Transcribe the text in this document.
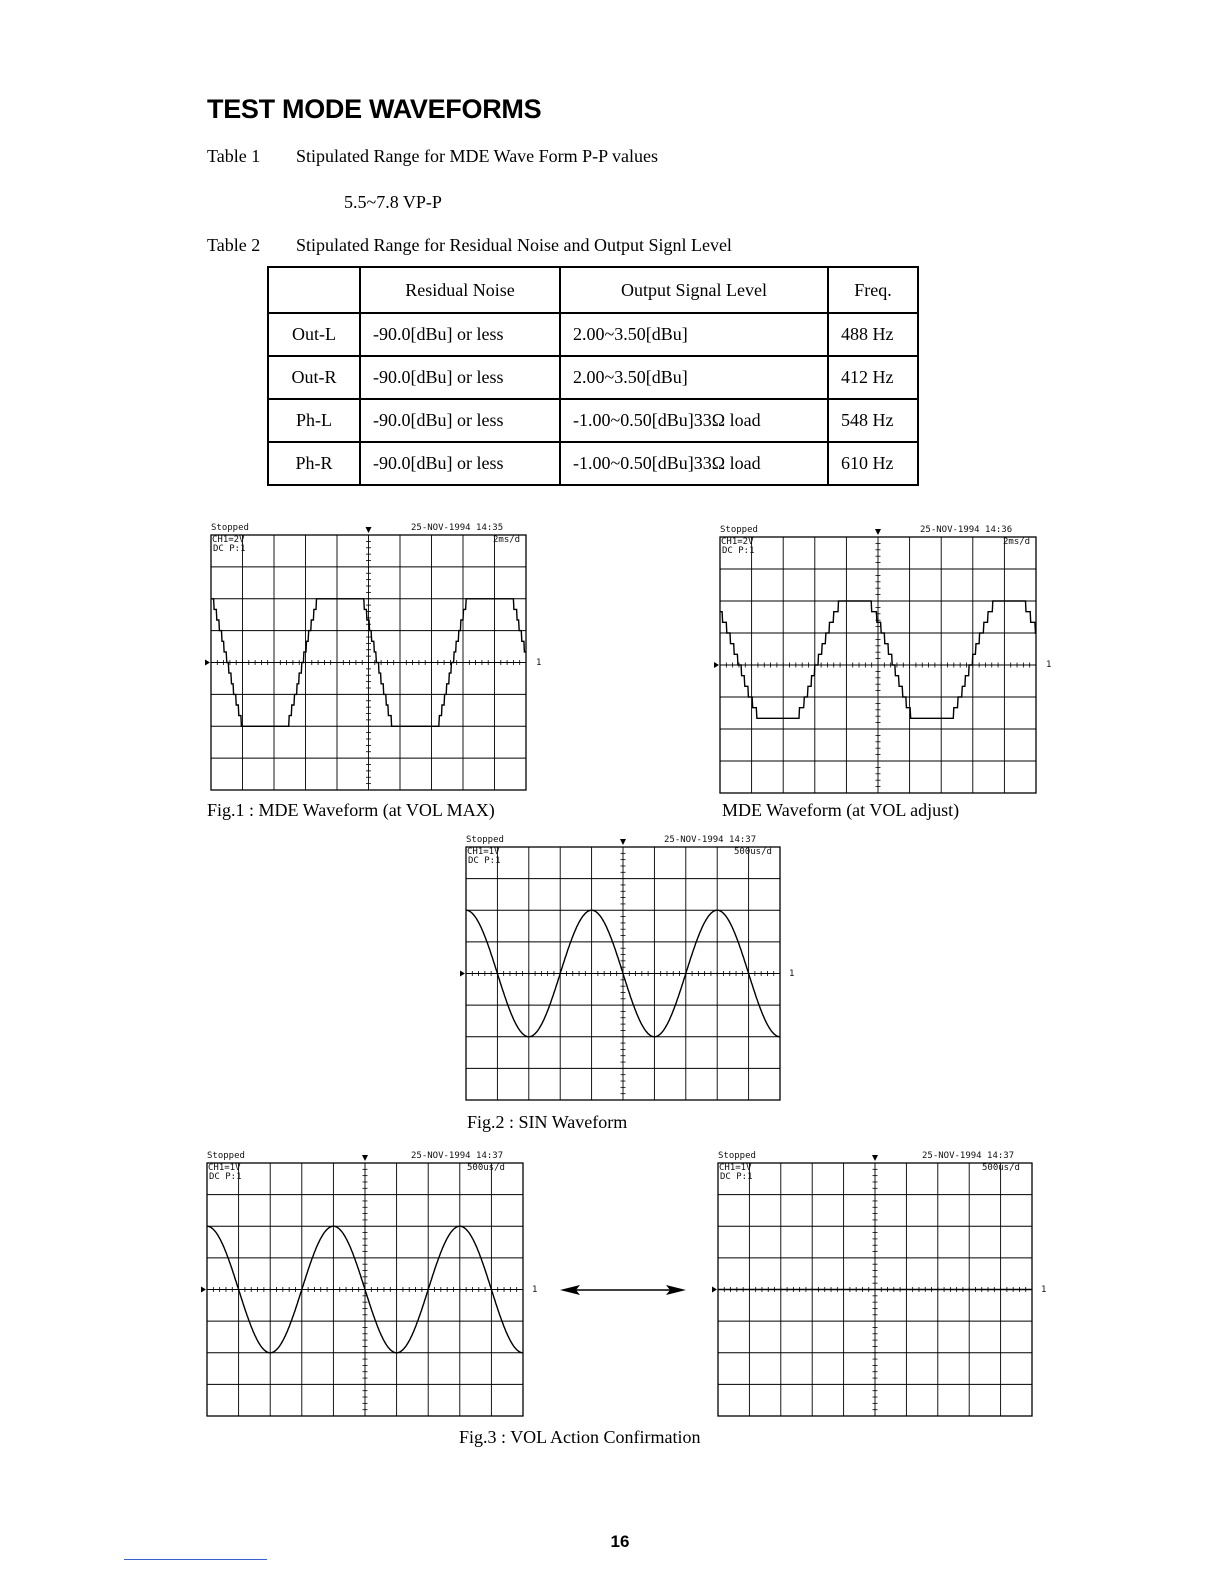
TEST MODE WAVEFORMS
Table 1 Stipulated Range for MDE Wave Form P-P values
5.5~7.8 VP-P
Table 2 Stipulated Range for Residual Noise and Output Signl Level
	Residual Noise	Output Signal Level	Freq.
Out-L	-90.0[dBu] or less	2.00~3.50[dBu]	488 Hz
Out-R	-90.0[dBu] or less	2.00~3.50[dBu]	412 Hz
Ph-L	-90.0[dBu] or less	-1.00~0.50[dBu]33Ω load	548 Hz
Ph-R	-90.0[dBu] or less	-1.00~0.50[dBu]33Ω load	610 Hz
Stopped	25-NOV-1994 14:35
CH1=2V
DC P:1
2ms/d
1
Stopped	25-NOV-1994 14:36
CH1=2V
DC P:1
2ms/d
1
Stopped	25-NOV-1994 14:37
CH1=1V
DC P:1
500us/d
1
Stopped	25-NOV-1994 14:37
CH1=1V
DC P:1
500us/d
1
Stopped	25-NOV-1994 14:37
CH1=1V
DC P:1
500us/d
1
Fig.1 : MDE Waveform (at VOL MAX)	MDE Waveform (at VOL adjust)
Fig.2 : SIN Waveform
Fig.3 : VOL Action Confirmation
16
